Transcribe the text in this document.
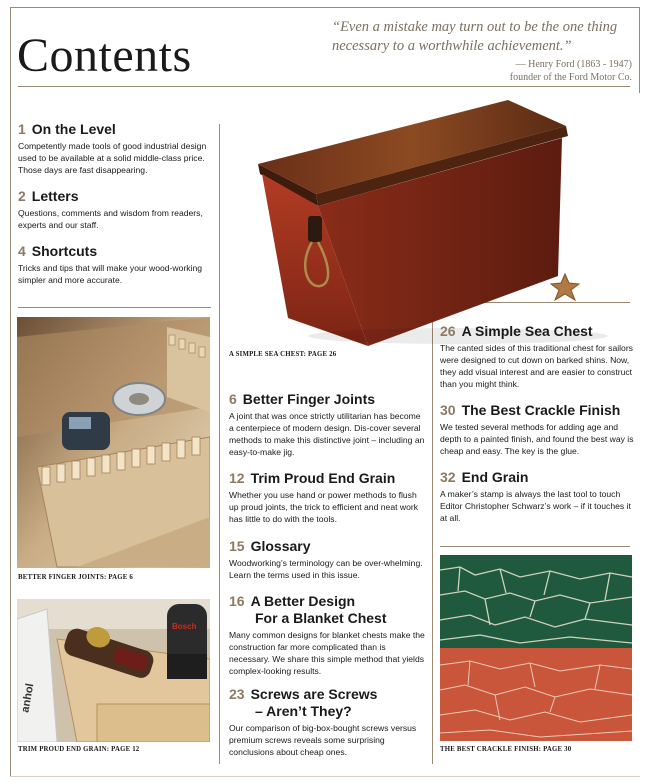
Contents
“Even a mistake may turn out to be the one thing necessary to a worthwhile achievement.”
— Henry Ford (1863 - 1947)
founder of the Ford Motor Co.
1 On the Level
Competently made tools of good industrial design used to be available at a solid middle-class price. Those days are fast disappearing.
2 Letters
Questions, comments and wisdom from readers, experts and our staff.
4 Shortcuts
Tricks and tips that will make your wood-working simpler and more accurate.
BETTER FINGER JOINTS: PAGE 6
anhol
Bosch
TRIM PROUD END GRAIN: PAGE 12
A SIMPLE SEA CHEST: PAGE 26
6 Better Finger Joints
A joint that was once strictly utilitarian has become a centerpiece of modern design. Dis-cover several methods to make this distinctive joint – including an easy-to-make jig.
12 Trim Proud End Grain
Whether you use hand or power methods to flush up proud joints, the trick to efficient and neat work has little to do with the tools.
15 Glossary
Woodworking’s terminology can be over-whelming. Learn the terms used in this issue.
16 A Better Design
For a Blanket Chest
Many common designs for blanket chests make the construction far more complicated than is necessary. We share this simple method that yields complex-looking results.
23 Screws are Screws
– Aren’t They?
Our comparison of big-box-bought screws versus premium screws reveals some surprising conclusions about cheap ones.
26 A Simple Sea Chest
The canted sides of this traditional chest for sailors were designed to cut down on barked shins. Now, they add visual interest and are easier to construct than you might think.
30 The Best Crackle Finish
We tested several methods for adding age and depth to a painted finish, and found the best way is cheap and easy. The key is the glue.
32 End Grain
A maker’s stamp is always the last tool to touch Editor Christopher Schwarz’s work – if it touches it at all.
THE BEST CRACKLE FINISH: PAGE 30
